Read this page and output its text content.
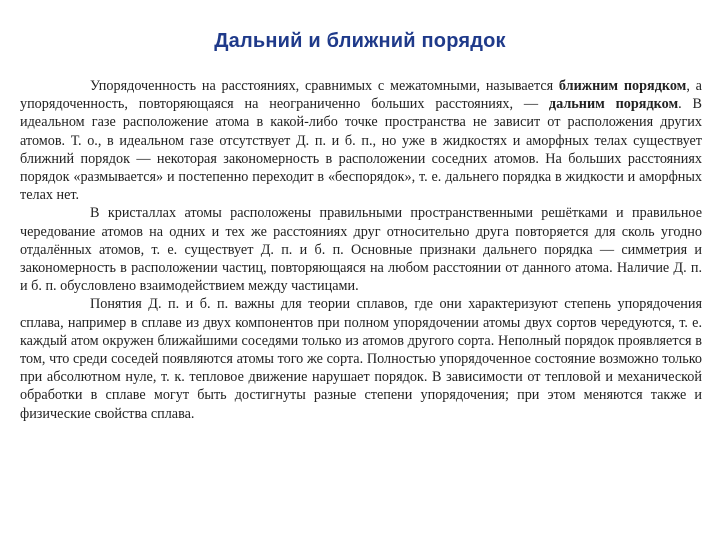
Дальний и ближний порядок

Упорядоченность на расстояниях, сравнимых с межатомными, называется ближним порядком, а упорядоченность, повторяющаяся на неограниченно больших расстояниях, — дальним порядком. В идеальном газе расположение атома в какой-либо точке пространства не зависит от расположения других атомов. Т. о., в идеальном газе отсутствует Д. п. и б. п., но уже в жидкостях и аморфных телах существует ближний порядок — некоторая закономерность в расположении соседних атомов. На больших расстояниях порядок «размывается» и постепенно переходит в «беспорядок», т. е. дальнего порядка в жидкости и аморфных телах нет.

В кристаллах атомы расположены правильными пространственными решётками и правильное чередование атомов на одних и тех же расстояниях друг относительно друга повторяется для сколь угодно отдалённых атомов, т. е. существует Д. п. и б. п. Основные признаки дальнего порядка — симметрия и закономерность в расположении частиц, повторяющаяся на любом расстоянии от данного атома. Наличие Д. п. и б. п. обусловлено взаимодействием между частицами.

Понятия Д. п. и б. п. важны для теории сплавов, где они характеризуют степень упорядочения сплава, например в сплаве из двух компонентов при полном упорядочении атомы двух сортов чередуются, т. е. каждый атом окружен ближайшими соседями только из атомов другого сорта. Неполный порядок проявляется в том, что среди соседей появляются атомы того же сорта. Полностью упорядоченное состояние возможно только при абсолютном нуле, т. к. тепловое движение нарушает порядок. В зависимости от тепловой и механической обработки в сплаве могут быть достигнуты разные степени упорядочения; при этом меняются также и физические свойства сплава.
